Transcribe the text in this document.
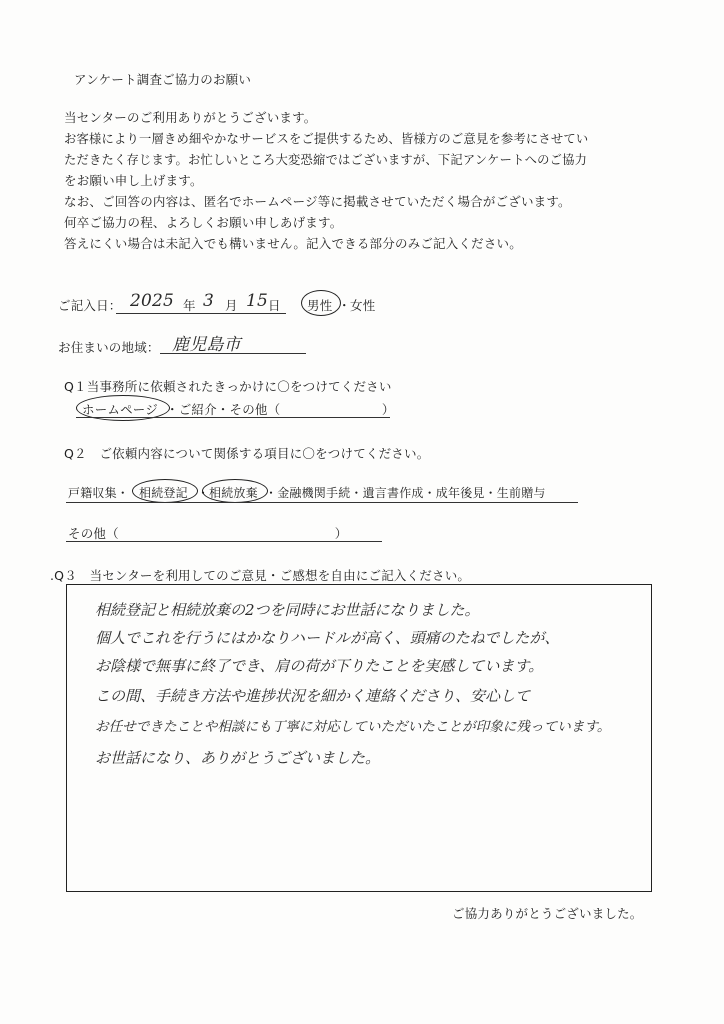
アンケート調査ご協力のお願い
当センターのご利用ありがとうございます。
お客様により一層きめ細やかなサービスをご提供するため、皆様方のご意見を参考にさせてい
ただきたく存じます。お忙しいところ大変恐縮ではございますが、下記アンケートへのご協力
をお願い申し上げます。
なお、ご回答の内容は、匿名でホームページ等に掲載させていただく場合がございます。
何卒ご協力の程、よろしくお願い申しあげます。
答えにくい場合は未記入でも構いません。記入できる部分のみご記入ください。
ご記入日： 2025 年 3 月 15 日 男性 ・ 女性
お住まいの地域： 鹿児島市
Q１当事務所に依頼されたきっかけに〇をつけてください
ホームページ ・ご紹介・その他（　　　　　　　　）
Q２　ご依頼内容について関係する項目に〇をつけてください。
戸籍収集・ 相続登記 ・ 相続放棄 ・金融機関手続・遺言書作成・成年後見・生前贈与
その他（　　　　　　　　　　　　　　　　　）
.Q３　当センターを利用してのご意見・ご感想を自由にご記入ください。
相続登記と相続放棄の2つを同時にお世話になりました。
個人でこれを行うにはかなりハードルが高く、頭痛のたねでしたが、
お陰様で無事に終了でき、肩の荷が下りたことを実感しています。
この間、手続き方法や進捗状況を細かく連絡くださり、安心して
お任せできたことや相談にも丁寧に対応していただいたことが印象に残っています。
お世話になり、ありがとうございました。
ご協力ありがとうございました。
